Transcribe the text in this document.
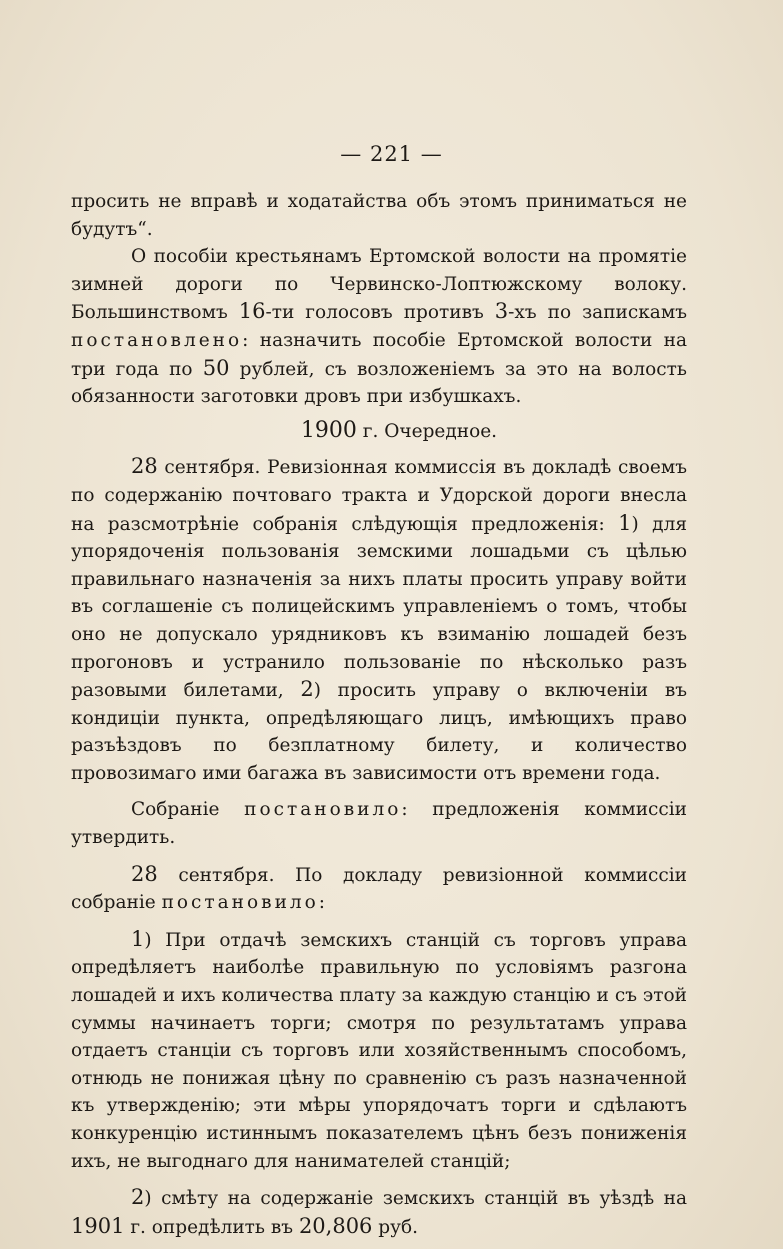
— 221 —

просить не вправѣ и ходатайства объ этомъ приниматься не будутъ“.

О пособіи крестьянамъ Ертомской волости на промятіе зимней дороги по Червинско-Лоптюжскому волоку. Большинствомъ 16-ти голосовъ противъ 3-хъ по запискамъ постановлено: назначить пособіе Ертомской волости на три года по 50 рублей, съ возложеніемъ за это на волость обязанности заготовки дровъ при избушкахъ.

1900 г. Очередное.

28 сентября. Ревизіонная коммиссія въ докладѣ своемъ по содержанію почтоваго тракта и Удорской дороги внесла на разсмотрѣніе собранія слѣдующія предложенія: 1) для упорядоченія пользованія земскими лошадьми съ цѣлью правильнаго назначенія за нихъ платы просить управу войти въ соглашеніе съ полицейскимъ управленіемъ о томъ, чтобы оно не допускало урядниковъ къ взиманію лошадей безъ прогоновъ и устранило пользованіе по нѣсколько разъ разовыми билетами, 2) просить управу о включеніи въ кондиціи пункта, опредѣляющаго лицъ, имѣющихъ право разъѣздовъ по безплатному билету, и количество провозимаго ими багажа въ зависимости отъ времени года.

Собраніе постановило: предложенія коммиссіи утвердить.

28 сентября. По докладу ревизіонной коммиссіи собраніе постановило:

1) При отдачѣ земскихъ станцій съ торговъ управа опредѣляетъ наиболѣе правильную по условіямъ разгона лошадей и ихъ количества плату за каждую станцію и съ этой суммы начинаетъ торги; смотря по результатамъ управа отдаетъ станціи съ торговъ или хозяйственнымъ способомъ, отнюдь не понижая цѣну по сравненію съ разъ назначенной къ утвержденію; эти мѣры упорядочатъ торги и сдѣлаютъ конкуренцію истиннымъ показателемъ цѣнъ безъ пониженія ихъ, не выгоднаго для нанимателей станцій;

2) смѣту на содержаніе земскихъ станцій въ уѣздѣ на 1901 г. опредѣлить въ 20,806 руб.
